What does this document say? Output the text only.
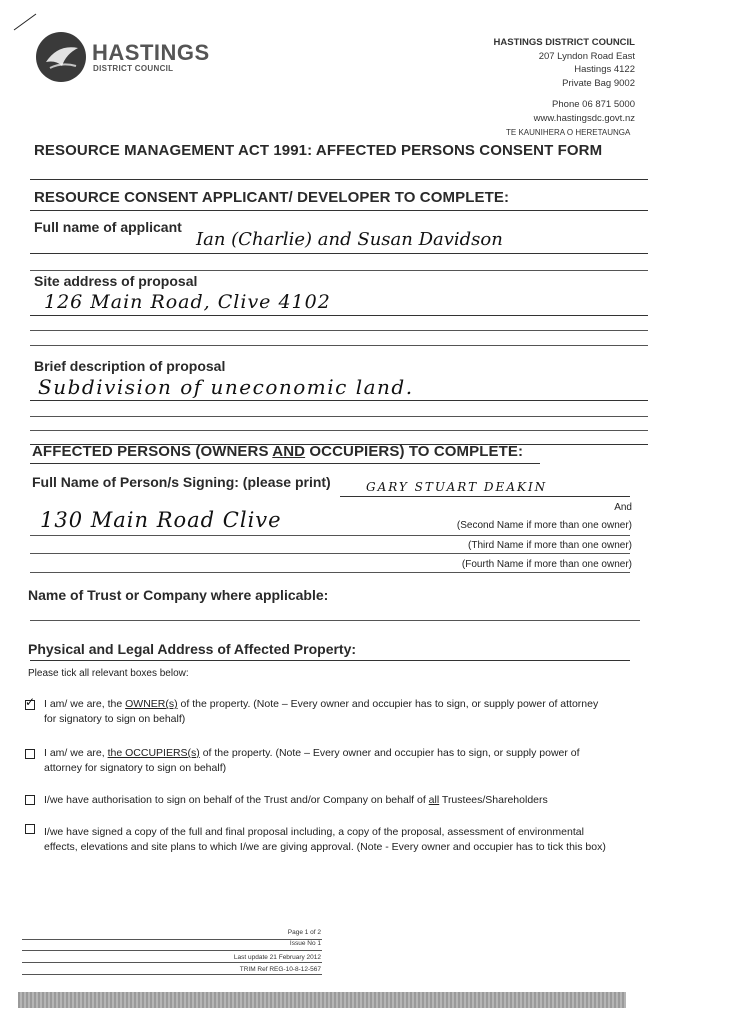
HASTINGS
DISTRICT COUNCIL
HASTINGS DISTRICT COUNCIL
207 Lyndon Road East
Hastings 4122
Private Bag 9002
Phone 06 871 5000
www.hastingsdc.govt.nz
TE KAUNIHERA O HERETAUNGA
RESOURCE MANAGEMENT ACT 1991: AFFECTED PERSONS CONSENT FORM
RESOURCE CONSENT APPLICANT/ DEVELOPER TO COMPLETE:
Full name of applicant
Ian (Charlie) and Susan Davidson
Site address of proposal
126 Main Road, Clive 4102
Brief description of proposal
Subdivision of uneconomic land.
AFFECTED PERSONS (OWNERS AND OCCUPIERS) TO COMPLETE:
Full Name of Person/s Signing: (please print)	GARY STUART DEAKIN
And
130 Main Road Clive	(Second Name if more than one owner)
(Third Name if more than one owner)
(Fourth Name if more than one owner)
Name of Trust or Company where applicable:
Physical and Legal Address of Affected Property:
Please tick all relevant boxes below:
✓ I am/ we are, the OWNER(s) of the property. (Note – Every owner and occupier has to sign, or supply power of attorney
for signatory to sign on behalf)
I am/ we are, the OCCUPIERS(s) of the property. (Note – Every owner and occupier has to sign, or supply power of
attorney for signatory to sign on behalf)
I/we have authorisation to sign on behalf of the Trust and/or Company on behalf of all Trustees/Shareholders
I/we have signed a copy of the full and final proposal including, a copy of the proposal, assessment of environmental
effects, elevations and site plans to which I/we are giving approval. (Note - Every owner and occupier has to tick this box)
Page 1 of 2
Issue No 1
Last update 21 February 2012
TRIM Ref REG-10-8-12-567
